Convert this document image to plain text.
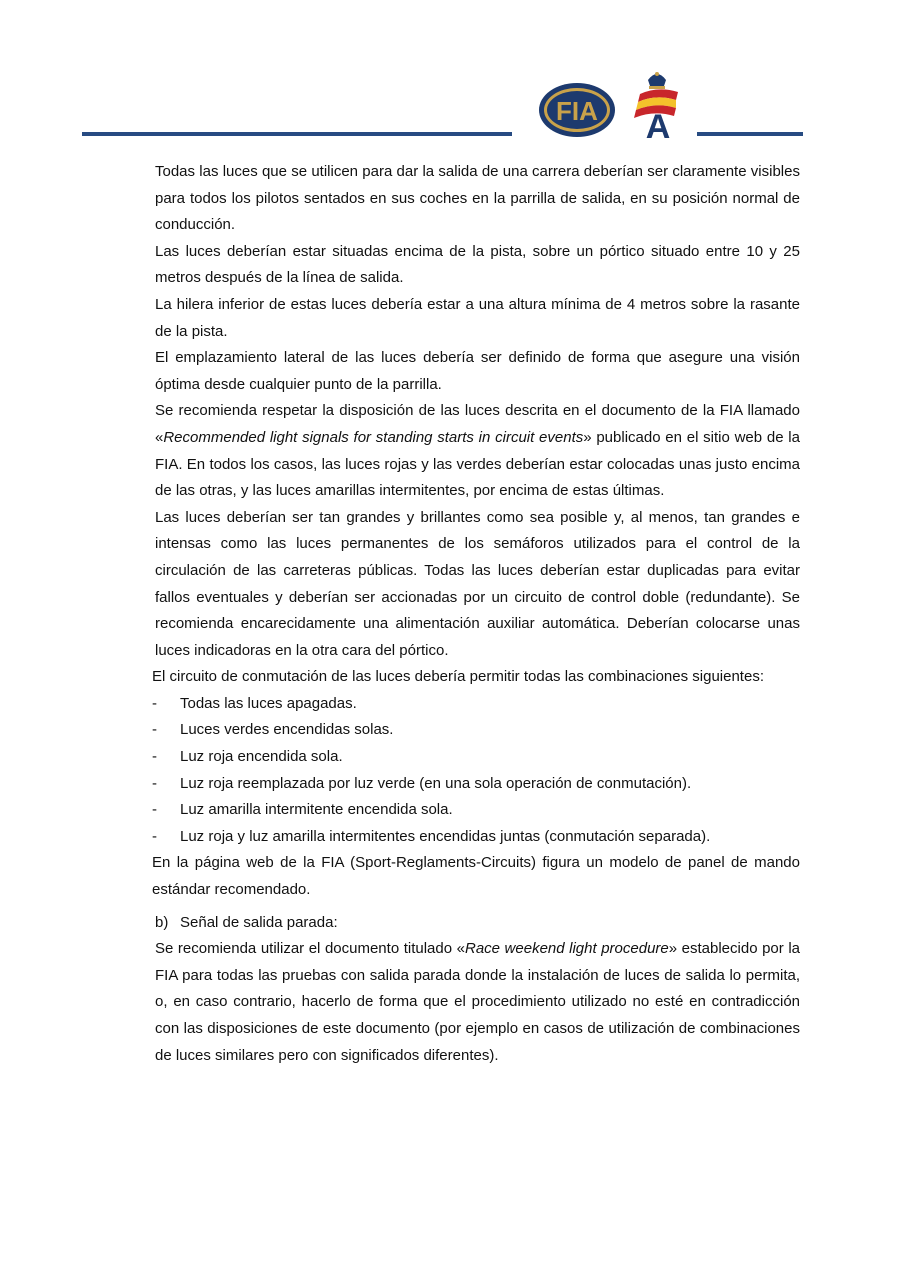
FIA A

Todas las luces que se utilicen para dar la salida de una carrera deberían ser claramente visibles para todos los pilotos sentados en sus coches en la parrilla de salida, en su posición normal de conducción.

Las luces deberían estar situadas encima de la pista, sobre un pórtico situado entre 10 y 25 metros después de la línea de salida.

La hilera inferior de estas luces debería estar a una altura mínima de 4 metros sobre la rasante de la pista.

El emplazamiento lateral de las luces debería ser definido de forma que asegure una visión óptima desde cualquier punto de la parrilla.

Se recomienda respetar la disposición de las luces descrita en el documento de la FIA llamado «Recommended light signals for standing starts in circuit events» publicado en el sitio web de la FIA. En todos los casos, las luces rojas y las verdes deberían estar colocadas unas justo encima de las otras, y las luces amarillas intermitentes, por encima de estas últimas.

Las luces deberían ser tan grandes y brillantes como sea posible y, al menos, tan grandes e intensas como las luces permanentes de los semáforos utilizados para el control de la circulación de las carreteras públicas. Todas las luces deberían estar duplicadas para evitar fallos eventuales y deberían ser accionadas por un circuito de control doble (redundante). Se recomienda encarecidamente una alimentación auxiliar automática. Deberían colocarse unas luces indicadoras en la otra cara del pórtico.

El circuito de conmutación de las luces debería permitir todas las combinaciones siguientes:

-	Todas las luces apagadas.
-	Luces verdes encendidas solas.
-	Luz roja encendida sola.
-	Luz roja reemplazada por luz verde (en una sola operación de conmutación).
-	Luz amarilla intermitente encendida sola.
-	Luz roja y luz amarilla intermitentes encendidas juntas (conmutación separada).

En la página web de la FIA (Sport-Reglaments-Circuits) figura un modelo de panel de mando estándar recomendado.

b) Señal de salida parada:

Se recomienda utilizar el documento titulado «Race weekend light procedure» establecido por la FIA para todas las pruebas con salida parada donde la instalación de luces de salida lo permita, o, en caso contrario, hacerlo de forma que el procedimiento utilizado no esté en contradicción con las disposiciones de este documento (por ejemplo en casos de utilización de combinaciones de luces similares pero con significados diferentes).
